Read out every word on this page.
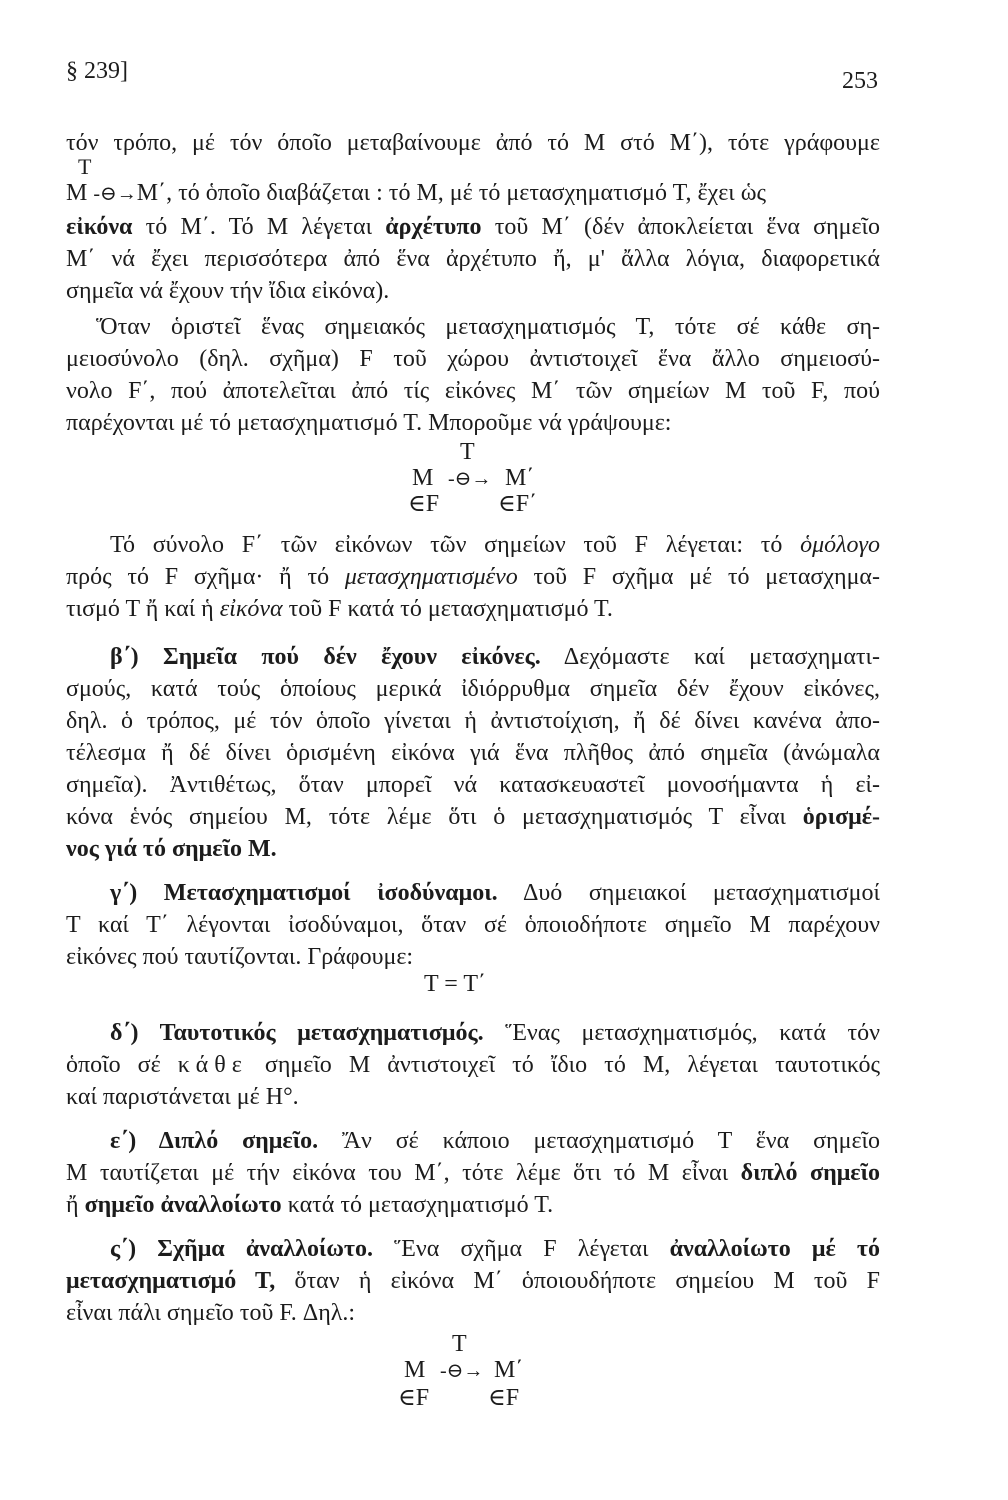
§ 239]	253
τόν τρόπο, μέ τόν όποῖο μεταβαίνουμε ἀπό τό Μ στό Μ΄), τότε γράφουμε
Τ
Μ -⊖→Μ΄, τό ὁποῖο διαβάζεται : τό Μ, μέ τό μετασχηματισμό Τ, ἔχει ὡς
εἰκόνα τό Μ΄. Τό Μ λέγεται ἀρχέτυπο τοῦ Μ΄ (δέν ἀποκλείεται ἕνα σημεῖο
Μ΄ νά ἔχει περισσότερα ἀπό ἕνα ἀρχέτυπο ἤ, μ' ἄλλα λόγια, διαφορετικά
σημεῖα νά ἔχουν τήν ἴδια εἰκόνα).
Ὅταν ὁριστεῖ ἕνας σημειακός μετασχηματισμός Τ, τότε σέ κάθε ση-
μειοσύνολο (δηλ. σχῆμα) F τοῦ χώρου ἀντιστοιχεῖ ἕνα ἄλλο σημειοσύ-
νολο F΄, πού ἀποτελεῖται ἀπό τίς εἰκόνες Μ΄ τῶν σημείων Μ τοῦ F, πού
παρέχονται μέ τό μετασχηματισμό Τ. Μποροῦμε νά γράψουμε:
Τ
Μ -⊖→ Μ΄
∈F ∈F΄
Τό σύνολο F΄ τῶν εἰκόνων τῶν σημείων τοῦ F λέγεται: τό ὁμόλογο
πρός τό F σχῆμα· ἤ τό μετασχηματισμένο τοῦ F σχῆμα μέ τό μετασχημα-
τισμό Τ ἤ καί ἡ εἰκόνα τοῦ F κατά τό μετασχηματισμό Τ.
β΄) Σημεῖα πού δέν ἔχουν εἰκόνες. Δεχόμαστε καί μετασχηματι-
σμούς, κατά τούς ὁποίους μερικά ἰδιόρρυθμα σημεῖα δέν ἔχουν εἰκόνες,
δηλ. ὁ τρόπος, μέ τόν ὁποῖο γίνεται ἡ ἀντιστοίχιση, ἤ δέ δίνει κανένα ἀπο-
τέλεσμα ἤ δέ δίνει ὁρισμένη εἰκόνα γιά ἕνα πλῆθος ἀπό σημεῖα (ἀνώμαλα
σημεῖα). Ἀντιθέτως, ὅταν μπορεῖ νά κατασκευαστεῖ μονοσήμαντα ἡ εἰ-
κόνα ἑνός σημείου Μ, τότε λέμε ὅτι ὁ μετασχηματισμός Τ εἶναι ὁρισμέ-
νος γιά τό σημεῖο Μ.
γ΄) Μετασχηματισμοί ἰσοδύναμοι. Δυό σημειακοί μετασχηματισμοί
Τ καί Τ΄ λέγονται ἰσοδύναμοι, ὅταν σέ ὁποιοδήποτε σημεῖο Μ παρέχουν
εἰκόνες πού ταυτίζονται. Γράφουμε:
Τ = Τ΄
δ΄) Ταυτοτικός μετασχηματισμός. Ἕνας μετασχηματισμός, κατά τόν
ὁποῖο σέ κάθε σημεῖο Μ ἀντιστοιχεῖ τό ἴδιο τό Μ, λέγεται ταυτοτικός
καί παριστάνεται μέ Η°.
ε΄) Διπλό σημεῖο. Ἄν σέ κάποιο μετασχηματισμό Τ ἕνα σημεῖο
Μ ταυτίζεται μέ τήν εἰκόνα του Μ΄, τότε λέμε ὅτι τό Μ εἶναι διπλό σημεῖο
ἤ σημεῖο ἀναλλοίωτο κατά τό μετασχηματισμό Τ.
ς΄) Σχῆμα ἀναλλοίωτο. Ἕνα σχῆμα F λέγεται ἀναλλοίωτο μέ τό
μετασχηματισμό Τ, ὅταν ἡ εἰκόνα Μ΄ ὁποιουδήποτε σημείου Μ τοῦ F
εἶναι πάλι σημεῖο τοῦ F. Δηλ.:
Τ
Μ -⊖→ Μ΄
∈F ∈F
